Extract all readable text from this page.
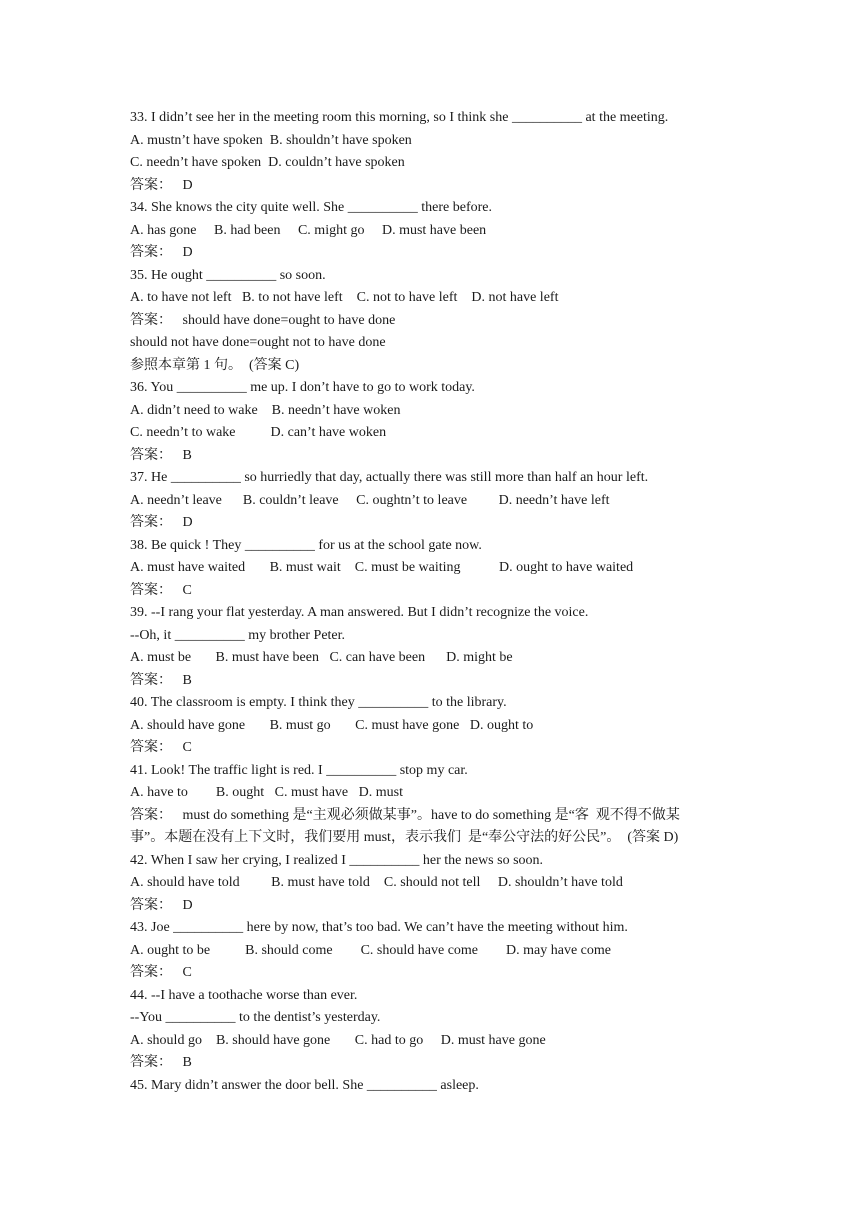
33. I didn’t see her in the meeting room this morning, so I think she __________ at the meeting.
A. mustn’t have spoken  B. shouldn’t have spoken
C. needn’t have spoken  D. couldn’t have spoken
答案：   D
34. She knows the city quite well. She __________ there before.
A. has gone     B. had been     C. might go     D. must have been
答案：   D
35. He ought __________ so soon.
A. to have not left   B. to not have left    C. not to have left    D. not have left
答案：   should have done=ought to have done
should not have done=ought not to have done
参照本章第 1 句。  (答案 C)
36. You __________ me up. I don’t have to go to work today.
A. didn’t need to wake    B. needn’t have woken
C. needn’t to wake          D. can’t have woken
答案：   B
37. He __________ so hurriedly that day, actually there was still more than half an hour left.
A. needn’t leave      B. couldn’t leave     C. oughtn’t to leave         D. needn’t have left
答案：   D
38. Be quick ! They __________ for us at the school gate now.
A. must have waited       B. must wait    C. must be waiting           D. ought to have waited
答案：   C
39. --I rang your flat yesterday. A man answered. But I didn’t recognize the voice.
--Oh, it __________ my brother Peter.
A. must be       B. must have been   C. can have been      D. might be
答案：   B
40. The classroom is empty. I think they __________ to the library.
A. should have gone       B. must go       C. must have gone   D. ought to
答案：   C
41. Look! The traffic light is red. I __________ stop my car.
A. have to        B. ought   C. must have   D. must
答案：   must do something 是“主观必须做某事”。have to do something 是“客  观不得不做某
事”。本题在没有上下文时，我们要用 must，表示我们  是“奉公守法的好公民”。  (答案 D)
42. When I saw her crying, I realized I __________ her the news so soon.
A. should have told         B. must have told    C. should not tell     D. shouldn’t have told
答案：   D
43. Joe __________ here by now, that’s too bad. We can’t have the meeting without him.
A. ought to be          B. should come        C. should have come        D. may have come
答案：   C
44. --I have a toothache worse than ever.
--You __________ to the dentist’s yesterday.
A. should go    B. should have gone       C. had to go     D. must have gone
答案：   B
45. Mary didn’t answer the door bell. She __________ asleep.
